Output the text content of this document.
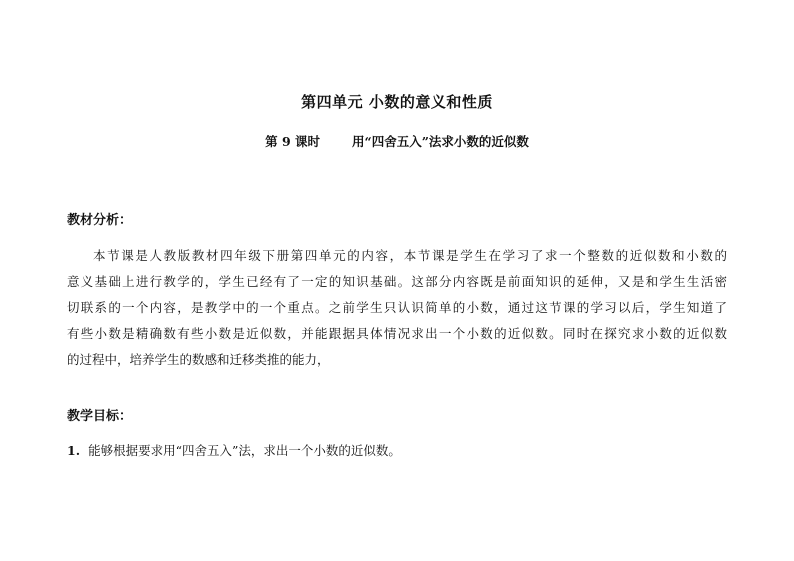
第四单元 小数的意义和性质
第 9 课时	用“四舍五入”法求小数的近似数
教材分析：
本节课是人教版教材四年级下册第四单元的内容，本节课是学生在学习了求一个整数的近似数和小数的
意义基础上进行教学的，学生已经有了一定的知识基础。这部分内容既是前面知识的延伸，又是和学生生活密
切联系的一个内容，是教学中的一个重点。之前学生只认识简单的小数，通过这节课的学习以后，学生知道了
有些小数是精确数有些小数是近似数，并能跟据具体情况求出一个小数的近似数。同时在探究求小数的近似数
的过程中，培养学生的数感和迁移类推的能力，
教学目标：
1. 能够根据要求用“四舍五入”法，求出一个小数的近似数。
